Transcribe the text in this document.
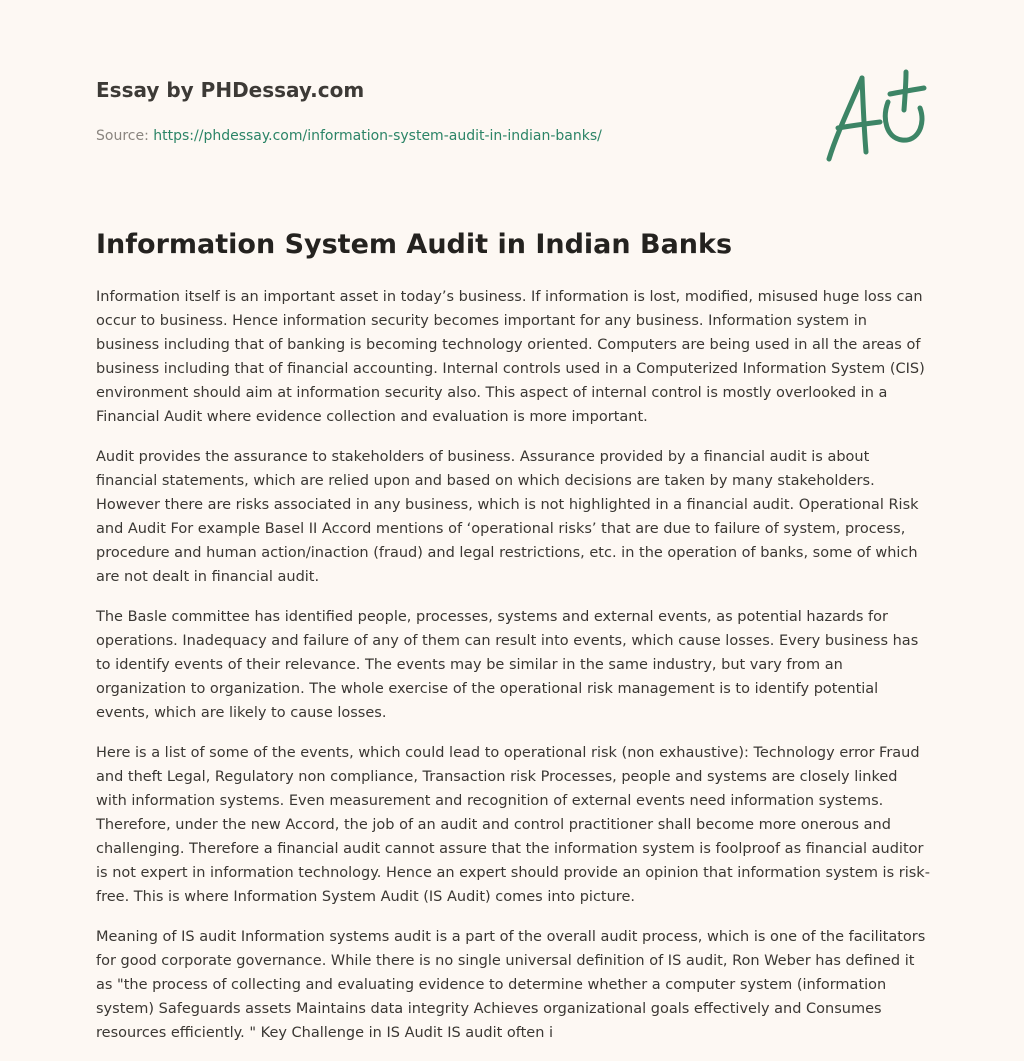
Essay by PHDessay.com
Source: https://phdessay.com/information-system-audit-in-indian-banks/
Information System Audit in Indian Banks

Information itself is an important asset in today’s business. If information is lost, modified, misused huge loss can occur to business. Hence information security becomes important for any business. Information system in business including that of banking is becoming technology oriented. Computers are being used in all the areas of business including that of financial accounting. Internal controls used in a Computerized Information System (CIS) environment should aim at information security also. This aspect of internal control is mostly overlooked in a Financial Audit where evidence collection and evaluation is more important.

Audit provides the assurance to stakeholders of business. Assurance provided by a financial audit is about financial statements, which are relied upon and based on which decisions are taken by many stakeholders. However there are risks associated in any business, which is not highlighted in a financial audit. Operational Risk and Audit For example Basel II Accord mentions of ‘operational risks’ that are due to failure of system, process, procedure and human action/inaction (fraud) and legal restrictions, etc. in the operation of banks, some of which are not dealt in financial audit.

The Basle committee has identified people, processes, systems and external events, as potential hazards for operations. Inadequacy and failure of any of them can result into events, which cause losses. Every business has to identify events of their relevance. The events may be similar in the same industry, but vary from an organization to organization. The whole exercise of the operational risk management is to identify potential events, which are likely to cause losses.

Here is a list of some of the events, which could lead to operational risk (non exhaustive): Technology error Fraud and theft Legal, Regulatory non compliance, Transaction risk Processes, people and systems are closely linked with information systems. Even measurement and recognition of external events need information systems. Therefore, under the new Accord, the job of an audit and control practitioner shall become more onerous and challenging. Therefore a financial audit cannot assure that the information system is foolproof as financial auditor is not expert in information technology. Hence an expert should provide an opinion that information system is risk-free. This is where Information System Audit (IS Audit) comes into picture.

Meaning of IS audit Information systems audit is a part of the overall audit process, which is one of the facilitators for good corporate governance. While there is no single universal definition of IS audit, Ron Weber has defined it as "the process of collecting and evaluating evidence to determine whether a computer system (information system) Safeguards assets Maintains data integrity Achieves organizational goals effectively and Consumes resources efficiently. " Key Challenge in IS Audit IS audit often i
